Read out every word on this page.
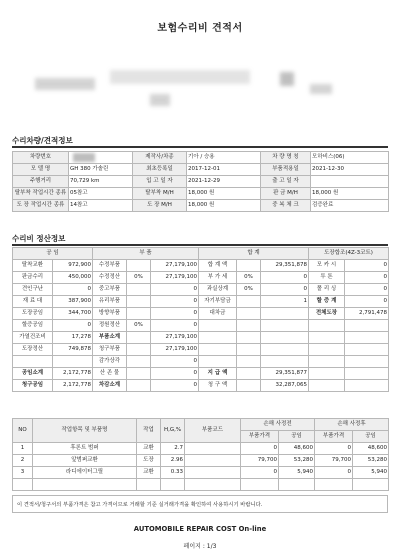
보험수리비 견적서
수리차량/견적정보
차량번호		제작사/차종	기아 / 승용	차 량 명 칭	모하비스(06)
모 델 명	GH 380 가솔린	최초등록일	2017-12-01	부품적용일	2021-12-30
주행거리	70,729 km	입 고 일 자	2021-12-29	출 고 일 자	
탈부착 작업시간 종류	05참고	탈부착 M/H	18,000 원	판 금 M/H	18,000 원
도 장 작업시간 종류	14참고	도 장 M/H	18,000 원	중 복 체 크	검증완료
수리비 정산정보
공 임		부 품			합 계			도장합조(4Z-3코트)	
탈착교환	972,900	수정부품		27,179,100	합 계 액		29,351,878	모 카 시	0
판금수리	450,000	수정정산	0%	27,179,100	부 가 세	0%	0	투 톤	0
견인구난	0	중고부품		0	과실상계	0%	0	폴 리 싱	0
재 료 대	387,900	유리부품		0	자기부담금		1	할 증 계	0
도장공임	344,700	방향부품		0	대차금			전체도장	2,791,478
할증공임	0	정원정산	0%	0					
가열건조비	17,278	부품소계		27,179,100					
도장정산	749,878	청구부품		27,179,100					
		감가상각		0					
공임소계	2,172,778	산 존 물		0	지 급 액		29,351,877		
청구공임	2,172,778	차감소계		0	청 구 액		32,287,065		
NO	작업항목 및 부품명	작업	H,G,%	부품코드	손해 사정전		손해 사정후	
					부품가격	공임	부품가격	공임
1	후론트 범퍼	교환	2.7		0	48,600	0	48,600
2	앞범퍼교환	도장	2.96		79,700	53,280	79,700	53,280
3	라디에이터그릴	교환	0.33		0	5,940	0	5,940

이 견적서/청구서의 부품가격은 참고 가격이므로 거래할 기준 실거래가격을 확인하여 사용하시기 바랍니다.
AUTOMOBILE REPAIR COST On-line
페이지 : 1/3
